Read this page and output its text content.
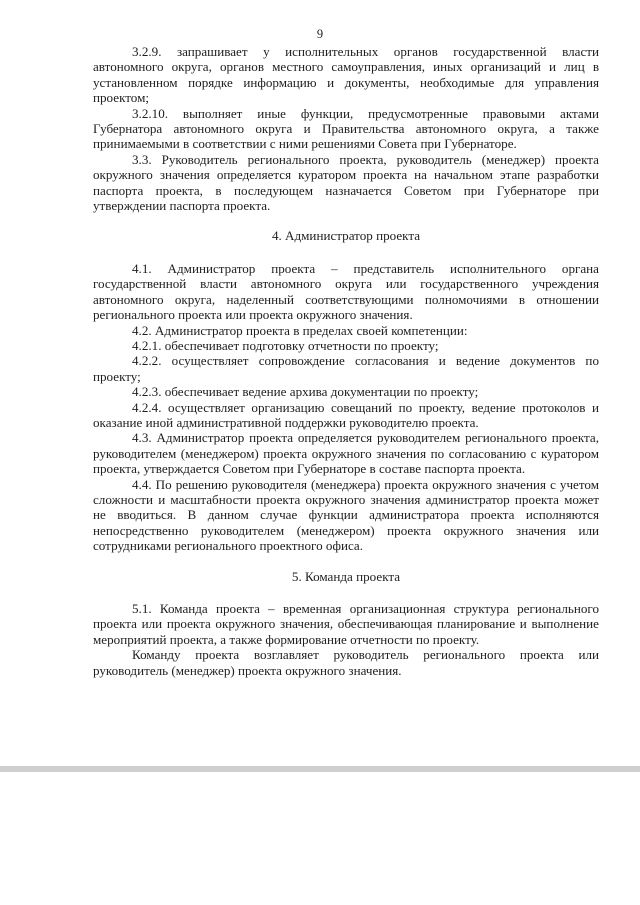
9

3.2.9. запрашивает у исполнительных органов государственной власти автономного округа, органов местного самоуправления, иных организаций и лиц в установленном порядке информацию и документы, необходимые для управления проектом;

3.2.10. выполняет иные функции, предусмотренные правовыми актами Губернатора автономного округа и Правительства автономного округа, а также принимаемыми в соответствии с ними решениями Совета при Губернаторе.

3.3. Руководитель регионального проекта, руководитель (менеджер) проекта окружного значения определяется куратором проекта на начальном этапе разработки паспорта проекта, в последующем назначается Советом при Губернаторе при утверждении паспорта проекта.

4. Администратор проекта

4.1. Администратор проекта – представитель исполнительного органа государственной власти автономного округа или государственного учреждения автономного округа, наделенный соответствующими полномочиями в отношении регионального проекта или проекта окружного значения.

4.2. Администратор проекта в пределах своей компетенции:

4.2.1. обеспечивает подготовку отчетности по проекту;

4.2.2. осуществляет сопровождение согласования и ведение документов по проекту;

4.2.3. обеспечивает ведение архива документации по проекту;

4.2.4. осуществляет организацию совещаний по проекту, ведение протоколов и оказание иной административной поддержки руководителю проекта.

4.3. Администратор проекта определяется руководителем регионального проекта, руководителем (менеджером) проекта окружного значения по согласованию с куратором проекта, утверждается Советом при Губернаторе в составе паспорта проекта.

4.4. По решению руководителя (менеджера) проекта окружного значения с учетом сложности и масштабности проекта окружного значения администратор проекта может не вводиться. В данном случае функции администратора проекта исполняются непосредственно руководителем (менеджером) проекта окружного значения или сотрудниками регионального проектного офиса.

5. Команда проекта

5.1. Команда проекта – временная организационная структура регионального проекта или проекта окружного значения, обеспечивающая планирование и выполнение мероприятий проекта, а также формирование отчетности по проекту.

Команду проекта возглавляет руководитель регионального проекта или руководитель (менеджер) проекта окружного значения.
